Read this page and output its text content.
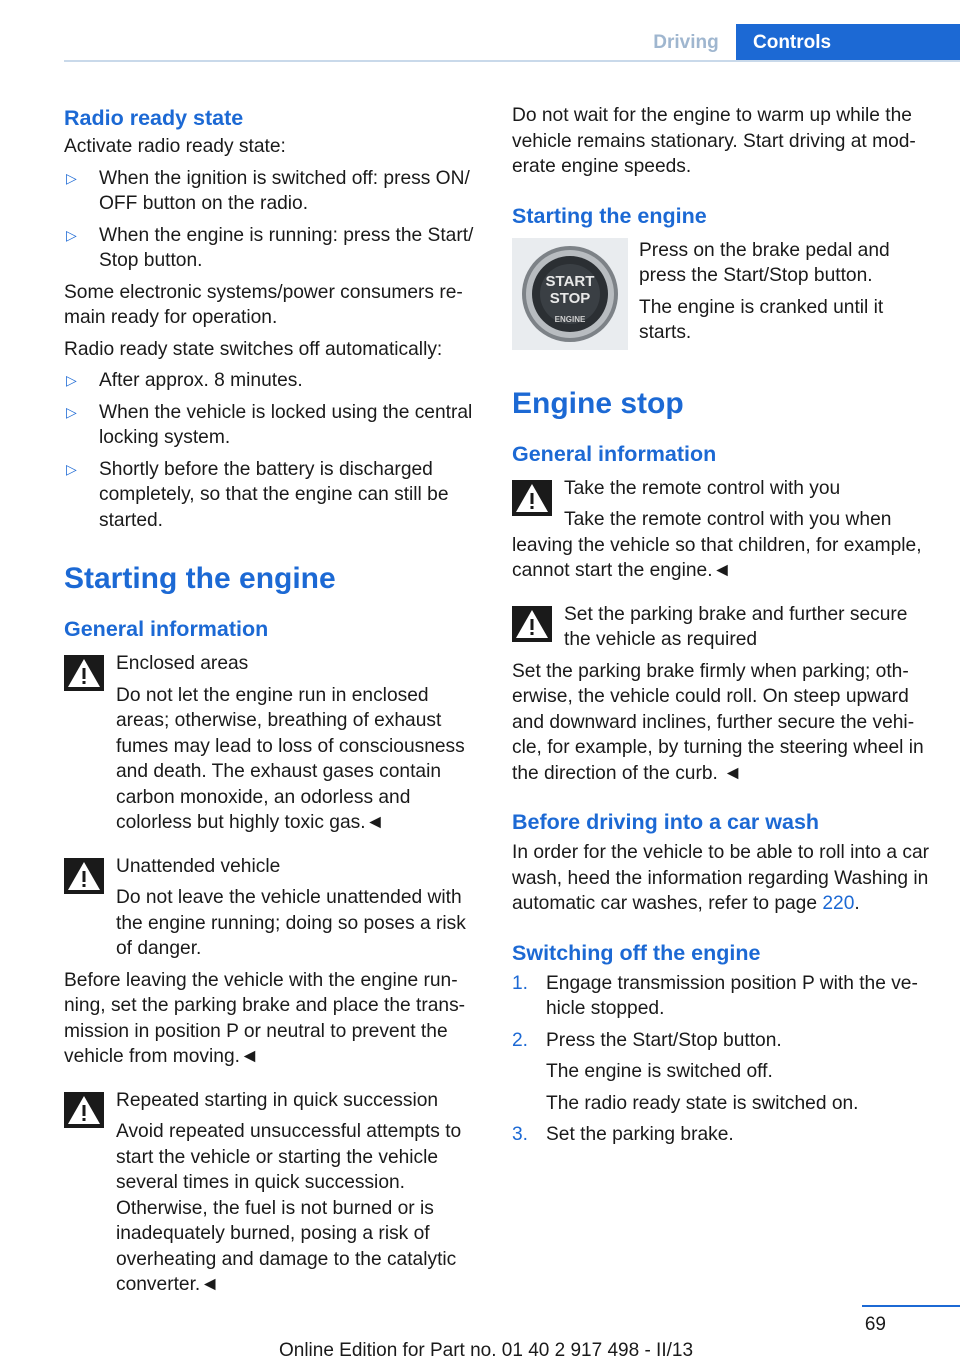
Driving	Controls
Radio ready state

Activate radio ready state:

▷ When the ignition is switched off: press ON/ OFF button on the radio.
▷ When the engine is running: press the Start/ Stop button.

Some electronic systems/power consumers remain ready for operation.

Radio ready state switches off automatically:

▷ After approx. 8 minutes.
▷ When the vehicle is locked using the central locking system.
▷ Shortly before the battery is discharged completely, so that the engine can still be started.
Starting the engine
General information

Enclosed areas

Do not let the engine run in enclosed areas; otherwise, breathing of exhaust fumes may lead to loss of consciousness and death. The exhaust gases contain carbon monoxide, an odorless and colorless but highly toxic gas.◄

Unattended vehicle

Do not leave the vehicle unattended with the engine running; doing so poses a risk of danger.

Before leaving the vehicle with the engine running, set the parking brake and place the transmission in position P or neutral to prevent the vehicle from moving.◄

Repeated starting in quick succession

Avoid repeated unsuccessful attempts to start the vehicle or starting the vehicle several times in quick succession. Otherwise, the fuel is not burned or is inadequately burned, posing a risk of overheating and damage to the catalytic converter.◄

Do not wait for the engine to warm up while the vehicle remains stationary. Start driving at moderate engine speeds.

Starting the engine
START
STOP
ENGINE

Press on the brake pedal and press the Start/Stop button.

The engine is cranked until it starts.

Engine stop
General information

Take the remote control with you

Take the remote control with you when leaving the vehicle so that children, for example, cannot start the engine.◄

Set the parking brake and further secure the vehicle as required

Set the parking brake firmly when parking; otherwise, the vehicle could roll. On steep upward and downward inclines, further secure the vehicle, for example, by turning the steering wheel in the direction of the curb. ◄

Before driving into a car wash

In order for the vehicle to be able to roll into a car wash, heed the information regarding Washing in automatic car washes, refer to page 220.

Switching off the engine
1. Engage transmission position P with the vehicle stopped.
2. Press the Start/Stop button.

The engine is switched off.

The radio ready state is switched on.

3. Set the parking brake.
69
Online Edition for Part no. 01 40 2 917 498 - II/13
